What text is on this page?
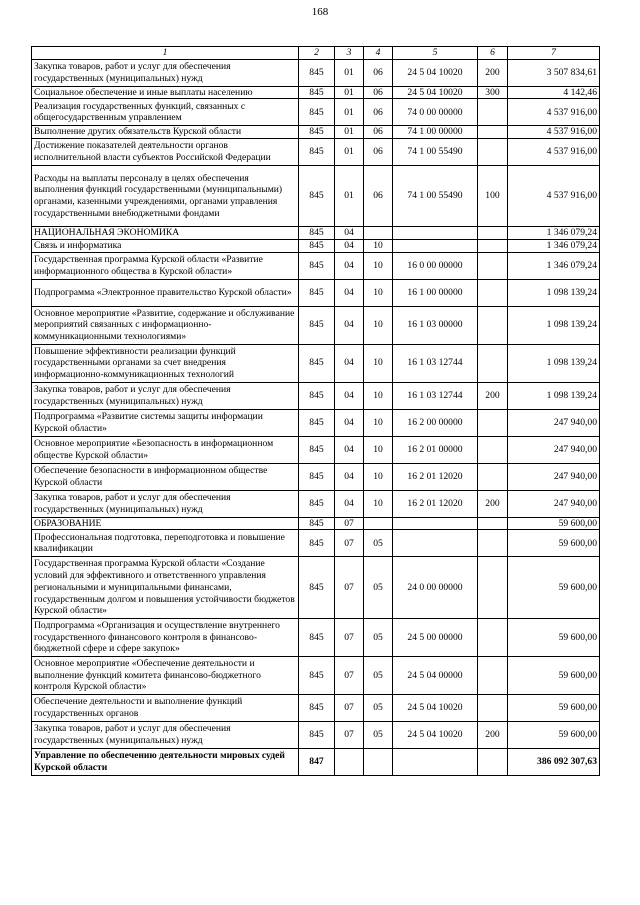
168
1	2	3	4	5	6	7
Закупка товаров, работ и услуг для обеспечения государственных (муниципальных) нужд	845	01	06	24 5 04 10020	200	3 507 834,61
Социальное обеспечение и иные выплаты населению	845	01	06	24 5 04 10020	300	4 142,46
Реализация государственных функций, связанных с общегосударственным управлением	845	01	06	74 0 00 00000		4 537 916,00
Выполнение других обязательств Курской области	845	01	06	74 1 00 00000		4 537 916,00
Достижение показателей деятельности органов исполнительной власти субъектов Российской Федерации	845	01	06	74 1 00 55490		4 537 916,00
Расходы на выплаты персоналу в целях обеспечения выполнения функций государственными (муниципальными) органами, казенными учреждениями, органами управления государственными внебюджетными фондами	845	01	06	74 1 00 55490	100	4 537 916,00
НАЦИОНАЛЬНАЯ ЭКОНОМИКА	845	04				1 346 079,24
Связь и информатика	845	04	10			1 346 079,24
Государственная программа Курской области «Развитие информационного общества в Курской области»	845	04	10	16 0 00 00000		1 346 079,24
Подпрограмма «Электронное правительство Курской области»	845	04	10	16 1 00 00000		1 098 139,24
Основное мероприятие «Развитие, содержание и обслуживание мероприятий связанных с информационно-коммуникационными технологиями»	845	04	10	16 1 03 00000		1 098 139,24
Повышение эффективности реализации функций государственными органами за счет внедрения информационно-коммуникационных технологий	845	04	10	16 1 03 12744		1 098 139,24
Закупка товаров, работ и услуг для обеспечения государственных (муниципальных) нужд	845	04	10	16 1 03 12744	200	1 098 139,24
Подпрограмма «Развитие системы защиты информации Курской области»	845	04	10	16 2 00 00000		247 940,00
Основное мероприятие «Безопасность в информационном обществе Курской области»	845	04	10	16 2 01 00000		247 940,00
Обеспечение безопасности в информационном обществе Курской области	845	04	10	16 2 01 12020		247 940,00
Закупка товаров, работ и услуг для обеспечения государственных (муниципальных) нужд	845	04	10	16 2 01 12020	200	247 940,00
ОБРАЗОВАНИЕ	845	07				59 600,00
Профессиональная подготовка, переподготовка и повышение квалификации	845	07	05			59 600,00
Государственная программа Курской области «Создание условий для эффективного и ответственного управления региональными и муниципальными финансами, государственным долгом и повышения устойчивости бюджетов Курской области»	845	07	05	24 0 00 00000		59 600,00
Подпрограмма «Организация и осуществление внутреннего государственного финансового контроля в финансово-бюджетной сфере и сфере закупок»	845	07	05	24 5 00 00000		59 600,00
Основное мероприятие «Обеспечение деятельности и выполнение функций комитета финансово-бюджетного контроля Курской области»	845	07	05	24 5 04 00000		59 600,00
Обеспечение деятельности и выполнение функций государственных органов	845	07	05	24 5 04 10020		59 600,00
Закупка товаров, работ и услуг для обеспечения государственных (муниципальных) нужд	845	07	05	24 5 04 10020	200	59 600,00
Управление по обеспечению деятельности мировых судей Курской области	847					386 092 307,63
